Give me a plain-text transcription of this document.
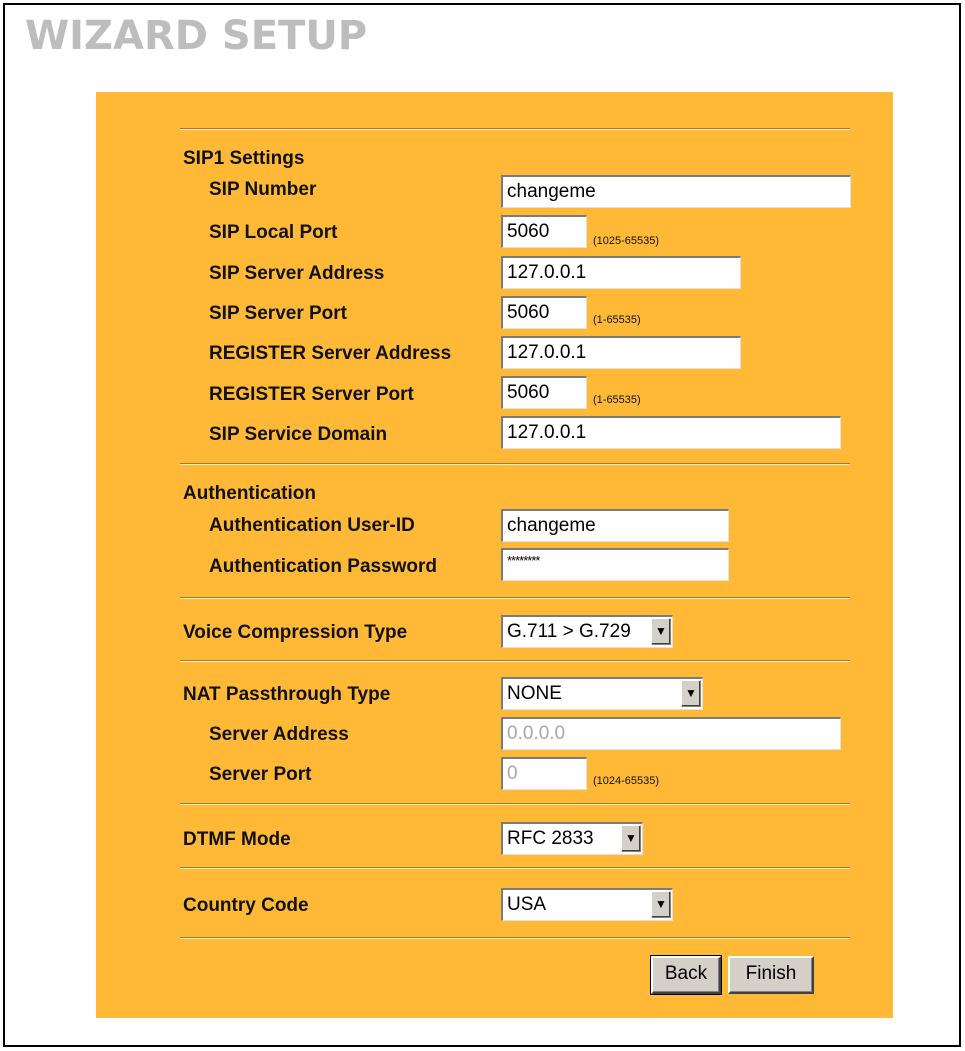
WIZARD SETUP
SIP1 Settings
SIP Number	changeme
SIP Local Port	5060	(1025-65535)
SIP Server Address	127.0.0.1
SIP Server Port	5060	(1-65535)
REGISTER Server Address	127.0.0.1
REGISTER Server Port	5060	(1-65535)
SIP Service Domain	127.0.0.1
Authentication
Authentication User-ID	changeme
Authentication Password	********
Voice Compression Type	G.711 > G.729	▼
NAT Passthrough Type	NONE	▼
Server Address	0.0.0.0
Server Port	0	(1024-65535)
DTMF Mode	RFC 2833	▼
Country Code	USA	▼
Back	Finish
